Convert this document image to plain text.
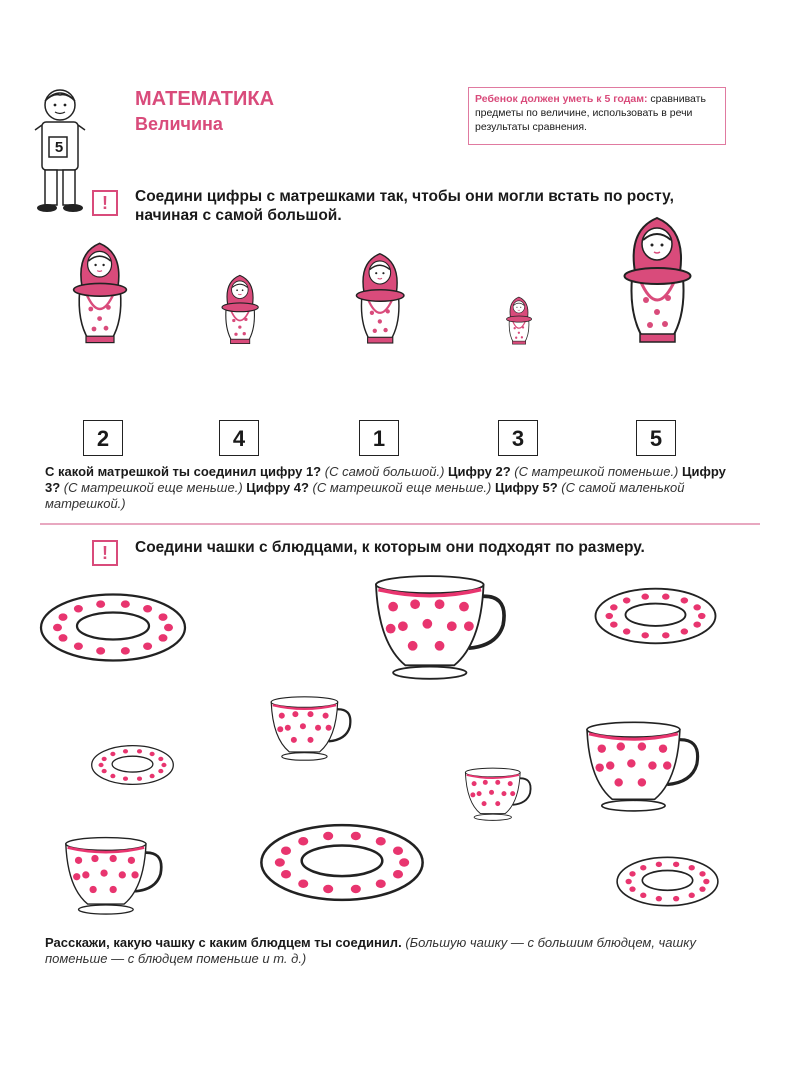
5
МАТЕМАТИКА
Величина
Ребенок должен уметь к 5 годам: сравнивать предметы по величине, использовать в речи результаты сравнения.
!	Соедини цифры с матрешками так, чтобы они могли встать по росту, начиная с самой большой.
2	4	1	3	5
С какой матрешкой ты соединил цифру 1? (С самой большой.) Цифру 2? (С матрешкой поменьше.) Цифру 3? (С матрешкой еще меньше.) Цифру 4? (С матрешкой еще меньше.) Цифру 5? (С самой маленькой матрешкой.)
!	Соедини чашки с блюдцами, к которым они подходят по размеру.
Расскажи, какую чашку с каким блюдцем ты соединил. (Большую чашку — с большим блюдцем, чашку поменьше — с блюдцем поменьше и т. д.)
